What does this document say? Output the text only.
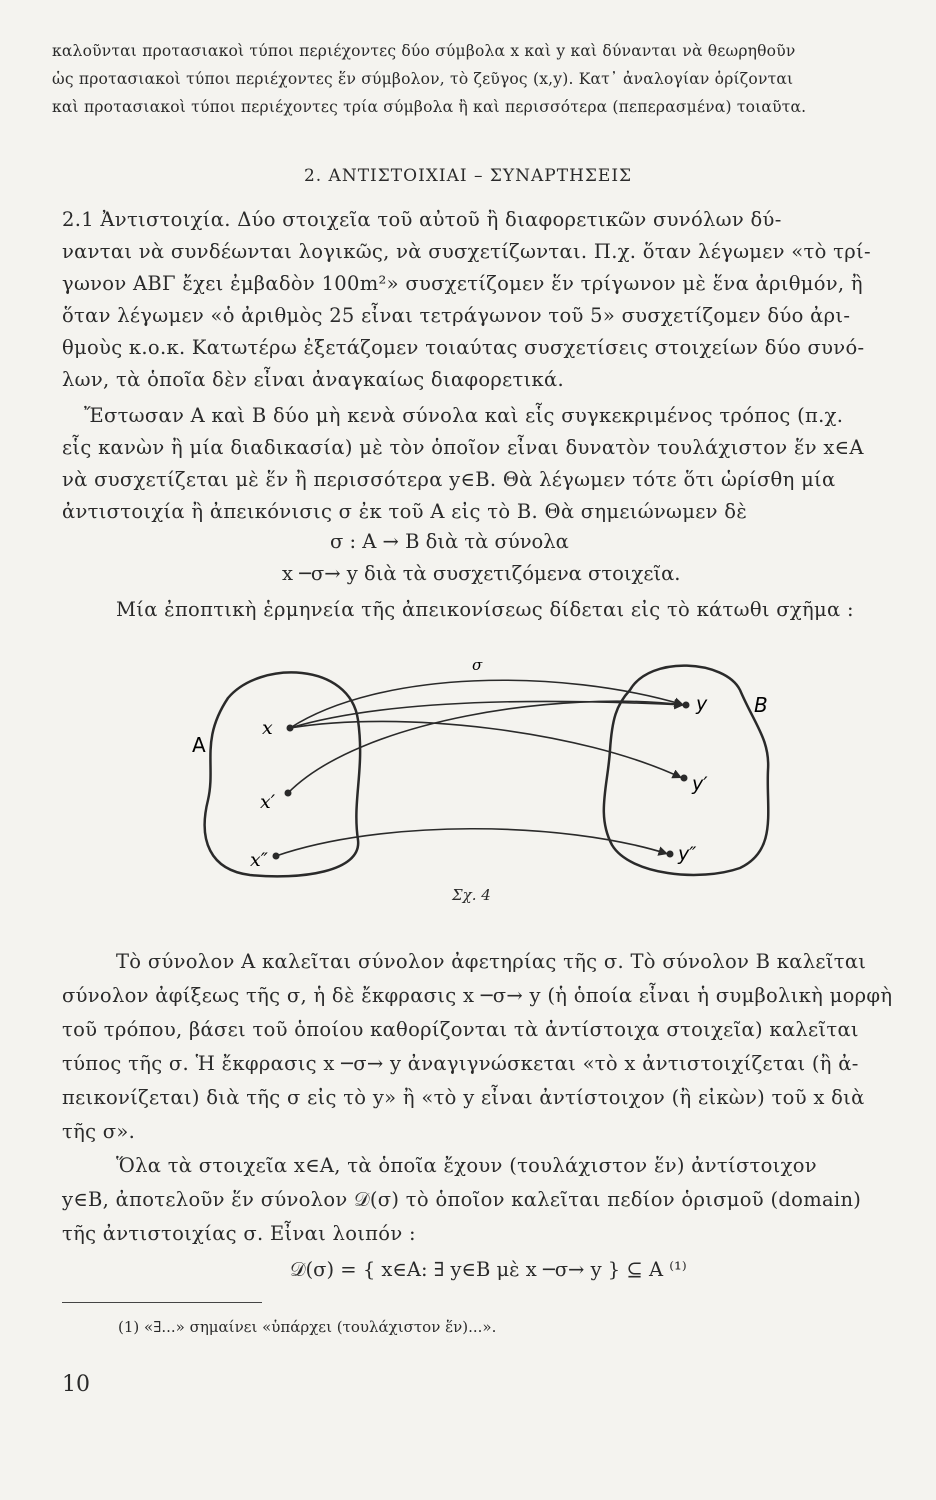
καλοῦνται προτασιακοὶ τύποι περιέχοντες δύο σύμβολα x καὶ y καὶ δύνανται νὰ θεωρηθοῦν
ὡς προτασιακοὶ τύποι περιέχοντες ἕν σύμβολον, τὸ ζεῦγος (x,y). Κατ᾽ ἀναλογίαν ὁρίζονται
καὶ προτασιακοὶ τύποι περιέχοντες τρία σύμβολα ἢ καὶ περισσότερα (πεπερασμένα) τοιαῦτα.
2. ΑΝΤΙΣΤΟΙΧΙΑΙ – ΣΥΝΑΡΤΗΣΕΙΣ
2.1 Ἀντιστοιχία. Δύο στοιχεῖα τοῦ αὐτοῦ ἢ διαφορετικῶν συνόλων δύ-
νανται νὰ συνδέωνται λογικῶς, νὰ συσχετίζωνται. Π.χ. ὅταν λέγωμεν «τὸ τρί-
γωνον ΑΒΓ ἔχει ἐμβαδὸν 100m²» συσχετίζομεν ἕν τρίγωνον μὲ ἕνα ἀριθμόν, ἢ
ὅταν λέγωμεν «ὁ ἀριθμὸς 25 εἶναι τετράγωνον τοῦ 5» συσχετίζομεν δύο ἀρι-
θμοὺς κ.ο.κ. Κατωτέρω ἐξετάζομεν τοιαύτας συσχετίσεις στοιχείων δύο συνό-
λων, τὰ ὁποῖα δὲν εἶναι ἀναγκαίως διαφορετικά.
Ἔστωσαν Α καὶ Β δύο μὴ κενὰ σύνολα καὶ εἷς συγκεκριμένος τρόπος (π.χ.
εἷς κανὼν ἢ μία διαδικασία) μὲ τὸν ὁποῖον εἶναι δυνατὸν τουλάχιστον ἕν x∈A
νὰ συσχετίζεται μὲ ἕν ἢ περισσότερα y∈B. Θὰ λέγωμεν τότε ὅτι ὡρίσθη μία
ἀντιστοιχία ἢ ἀπεικόνισις σ ἐκ τοῦ Α εἰς τὸ Β. Θὰ σημειώνωμεν δὲ
σ : A → B διὰ τὰ σύνολα
x ─σ→ y διὰ τὰ συσχετιζόμενα στοιχεῖα.
Μία ἐποπτικὴ ἑρμηνεία τῆς ἀπεικονίσεως δίδεται εἰς τὸ κάτωθι σχῆμα :
σ
A
B
x
x′
x″
y
y′
y″
Σχ. 4
Τὸ σύνολον Α καλεῖται σύνολον ἀφετηρίας τῆς σ. Τὸ σύνολον Β καλεῖται
σύνολον ἀφίξεως τῆς σ, ἡ δὲ ἔκφρασις x ─σ→ y (ἡ ὁποία εἶναι ἡ συμβολικὴ μορφὴ
τοῦ τρόπου, βάσει τοῦ ὁποίου καθορίζονται τὰ ἀντίστοιχα στοιχεῖα) καλεῖται
τύπος τῆς σ. Ἡ ἔκφρασις x ─σ→ y ἀναγιγνώσκεται «τὸ x ἀντιστοιχίζεται (ἢ ἀ-
πεικονίζεται) διὰ τῆς σ εἰς τὸ y» ἢ «τὸ y εἶναι ἀντίστοιχον (ἢ εἰκὼν) τοῦ x διὰ
τῆς σ».
Ὅλα τὰ στοιχεῖα x∈A, τὰ ὁποῖα ἔχουν (τουλάχιστον ἕν) ἀντίστοιχον
y∈B, ἀποτελοῦν ἕν σύνολον 𝒟(σ) τὸ ὁποῖον καλεῖται πεδίον ὁρισμοῦ (domain)
τῆς ἀντιστοιχίας σ. Εἶναι λοιπόν :
𝒟(σ) = { x∈A: ∃ y∈B μὲ x ─σ→ y } ⊆ A ⁽¹⁾
(1) «∃...» σημαίνει «ὑπάρχει (τουλάχιστον ἕν)...».
10
